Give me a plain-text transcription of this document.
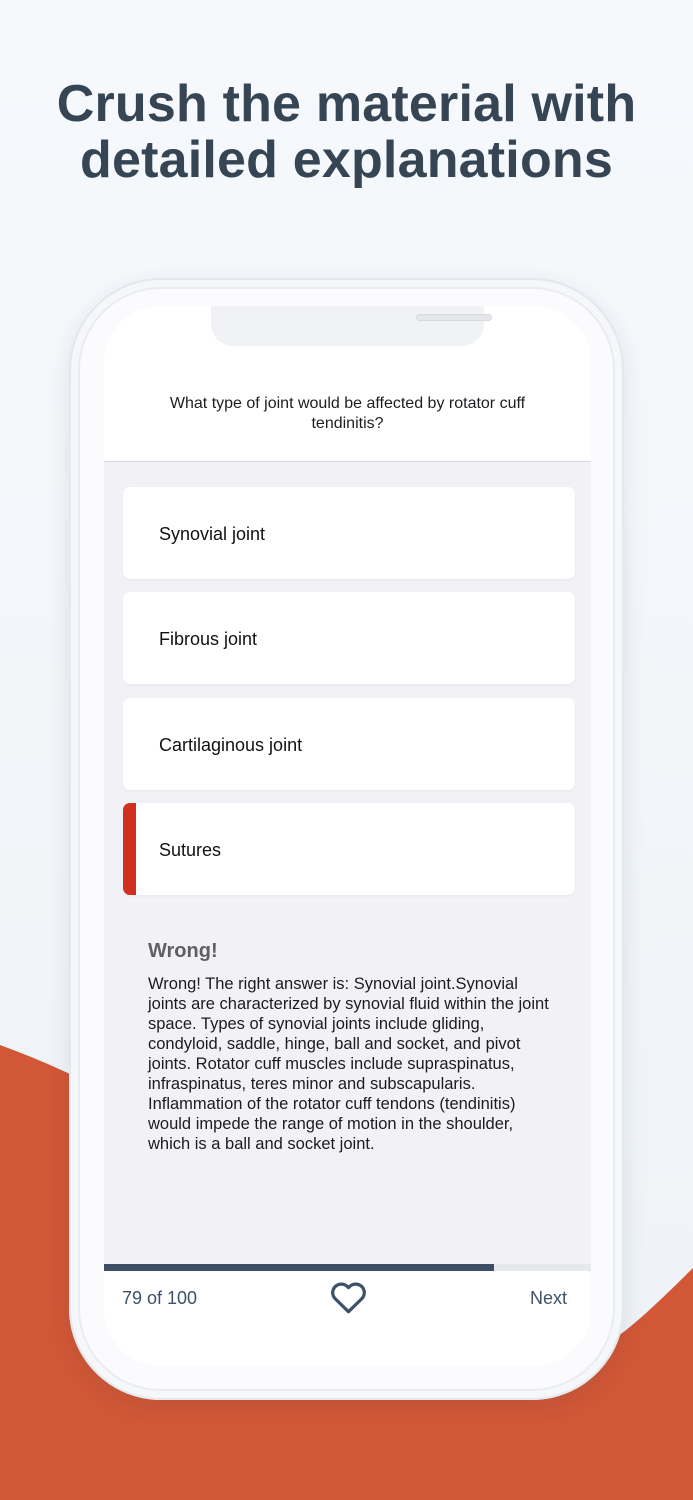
Crush the material with
detailed explanations
What type of joint would be affected by rotator cuff tendinitis?
Synovial joint
Fibrous joint
Cartilaginous joint
Sutures
Wrong!
Wrong! The right answer is: Synovial joint.Synovial joints are characterized by synovial fluid within the joint space. Types of synovial joints include gliding, condyloid, saddle, hinge, ball and socket, and pivot joints. Rotator cuff muscles include supraspinatus, infraspinatus, teres minor and subscapularis. Inflammation of the rotator cuff tendons (tendinitis) would impede the range of motion in the shoulder, which is a ball and socket joint.
79 of 100	Next
